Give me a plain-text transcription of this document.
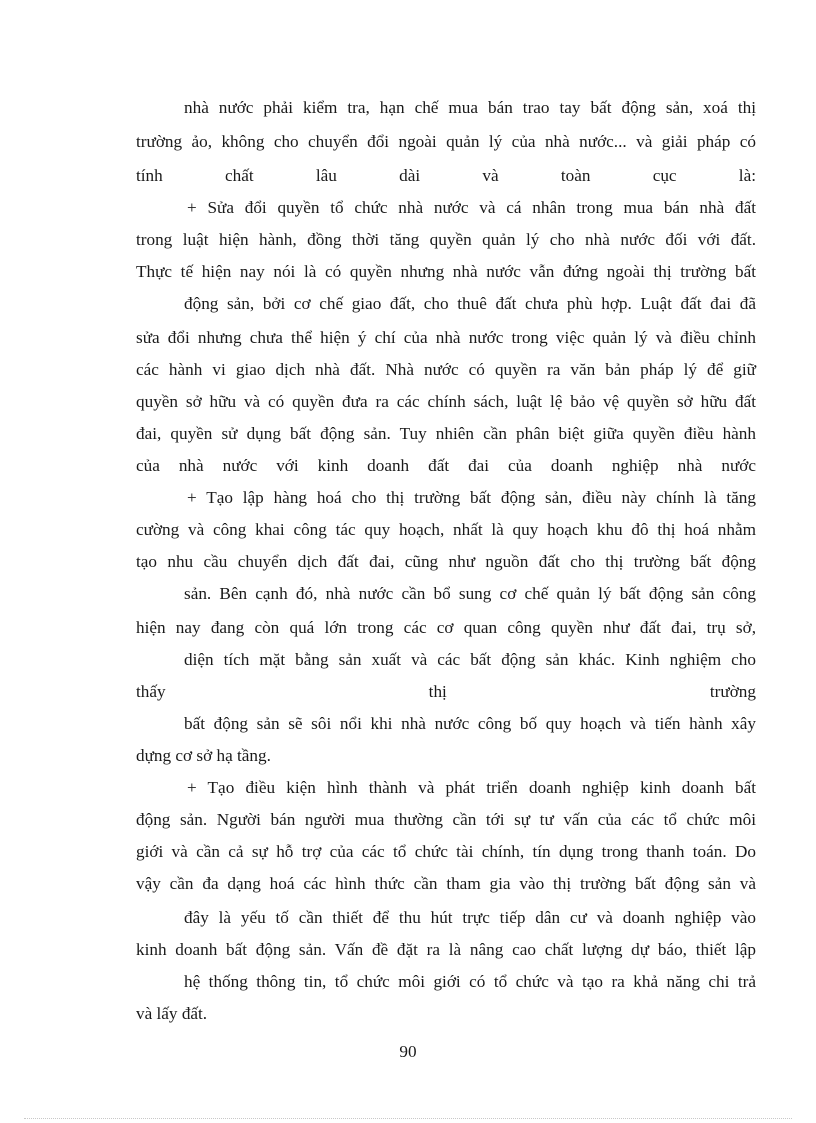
nhà nước phải kiểm tra, hạn chế mua bán trao tay bất động sản, xoá thị
trường ảo, không cho chuyển đổi ngoài quản lý của nhà nước... và giải pháp có
tính chất lâu dài và toàn cục là:
+ Sửa đổi quyền tổ chức nhà nước và cá nhân trong mua bán nhà đất
trong luật hiện hành, đồng thời tăng quyền quản lý cho nhà nước đối với đất.
Thực tế hiện nay nói là có quyền nhưng nhà nước vẫn đứng ngoài thị trường bất
động sản, bởi cơ chế giao đất, cho thuê đất chưa phù hợp. Luật đất đai đã
sửa đổi nhưng chưa thể hiện ý chí của nhà nước trong việc quản lý và điều chỉnh
các hành vi giao dịch nhà đất. Nhà nước có quyền ra văn bản pháp lý để giữ
quyền sở hữu và có quyền đưa ra các chính sách, luật lệ bảo vệ quyền sở hữu đất
đai, quyền sử dụng bất động sản. Tuy nhiên cần phân biệt giữa quyền điều hành
của nhà nước với kinh doanh đất đai của doanh nghiệp nhà nước
+ Tạo lập hàng hoá cho thị trường bất động sản, điều này chính là tăng
cường và công khai công tác quy hoạch, nhất là quy hoạch khu đô thị hoá nhằm
tạo nhu cầu chuyển dịch đất đai, cũng như nguồn đất cho thị trường bất động
sản. Bên cạnh đó, nhà nước cần bổ sung cơ chế quản lý bất động sản công
hiện nay đang còn quá lớn trong các cơ quan công quyền như đất đai, trụ sở,
diện tích mặt bằng sản xuất và các bất động sản khác. Kinh nghiệm cho
thấy thị trường
bất động sản sẽ sôi nổi khi nhà nước công bố quy hoạch và tiến hành xây
dựng cơ sở hạ tầng.
+ Tạo điều kiện hình thành và phát triển doanh nghiệp kinh doanh bất
động sản. Người bán người mua thường cần tới sự tư vấn của các tổ chức môi
giới và cần cả sự hỗ trợ của các tổ chức tài chính, tín dụng trong thanh toán. Do
vậy cần đa dạng hoá các hình thức cần tham gia vào thị trường bất động sản và
đây là yếu tố cần thiết để thu hút trực tiếp dân cư và doanh nghiệp vào
kinh doanh bất động sản. Vấn đề đặt ra là nâng cao chất lượng dự báo, thiết lập
hệ thống thông tin, tổ chức môi giới có tổ chức và tạo ra khả năng chi trả
và lấy đất.
90
